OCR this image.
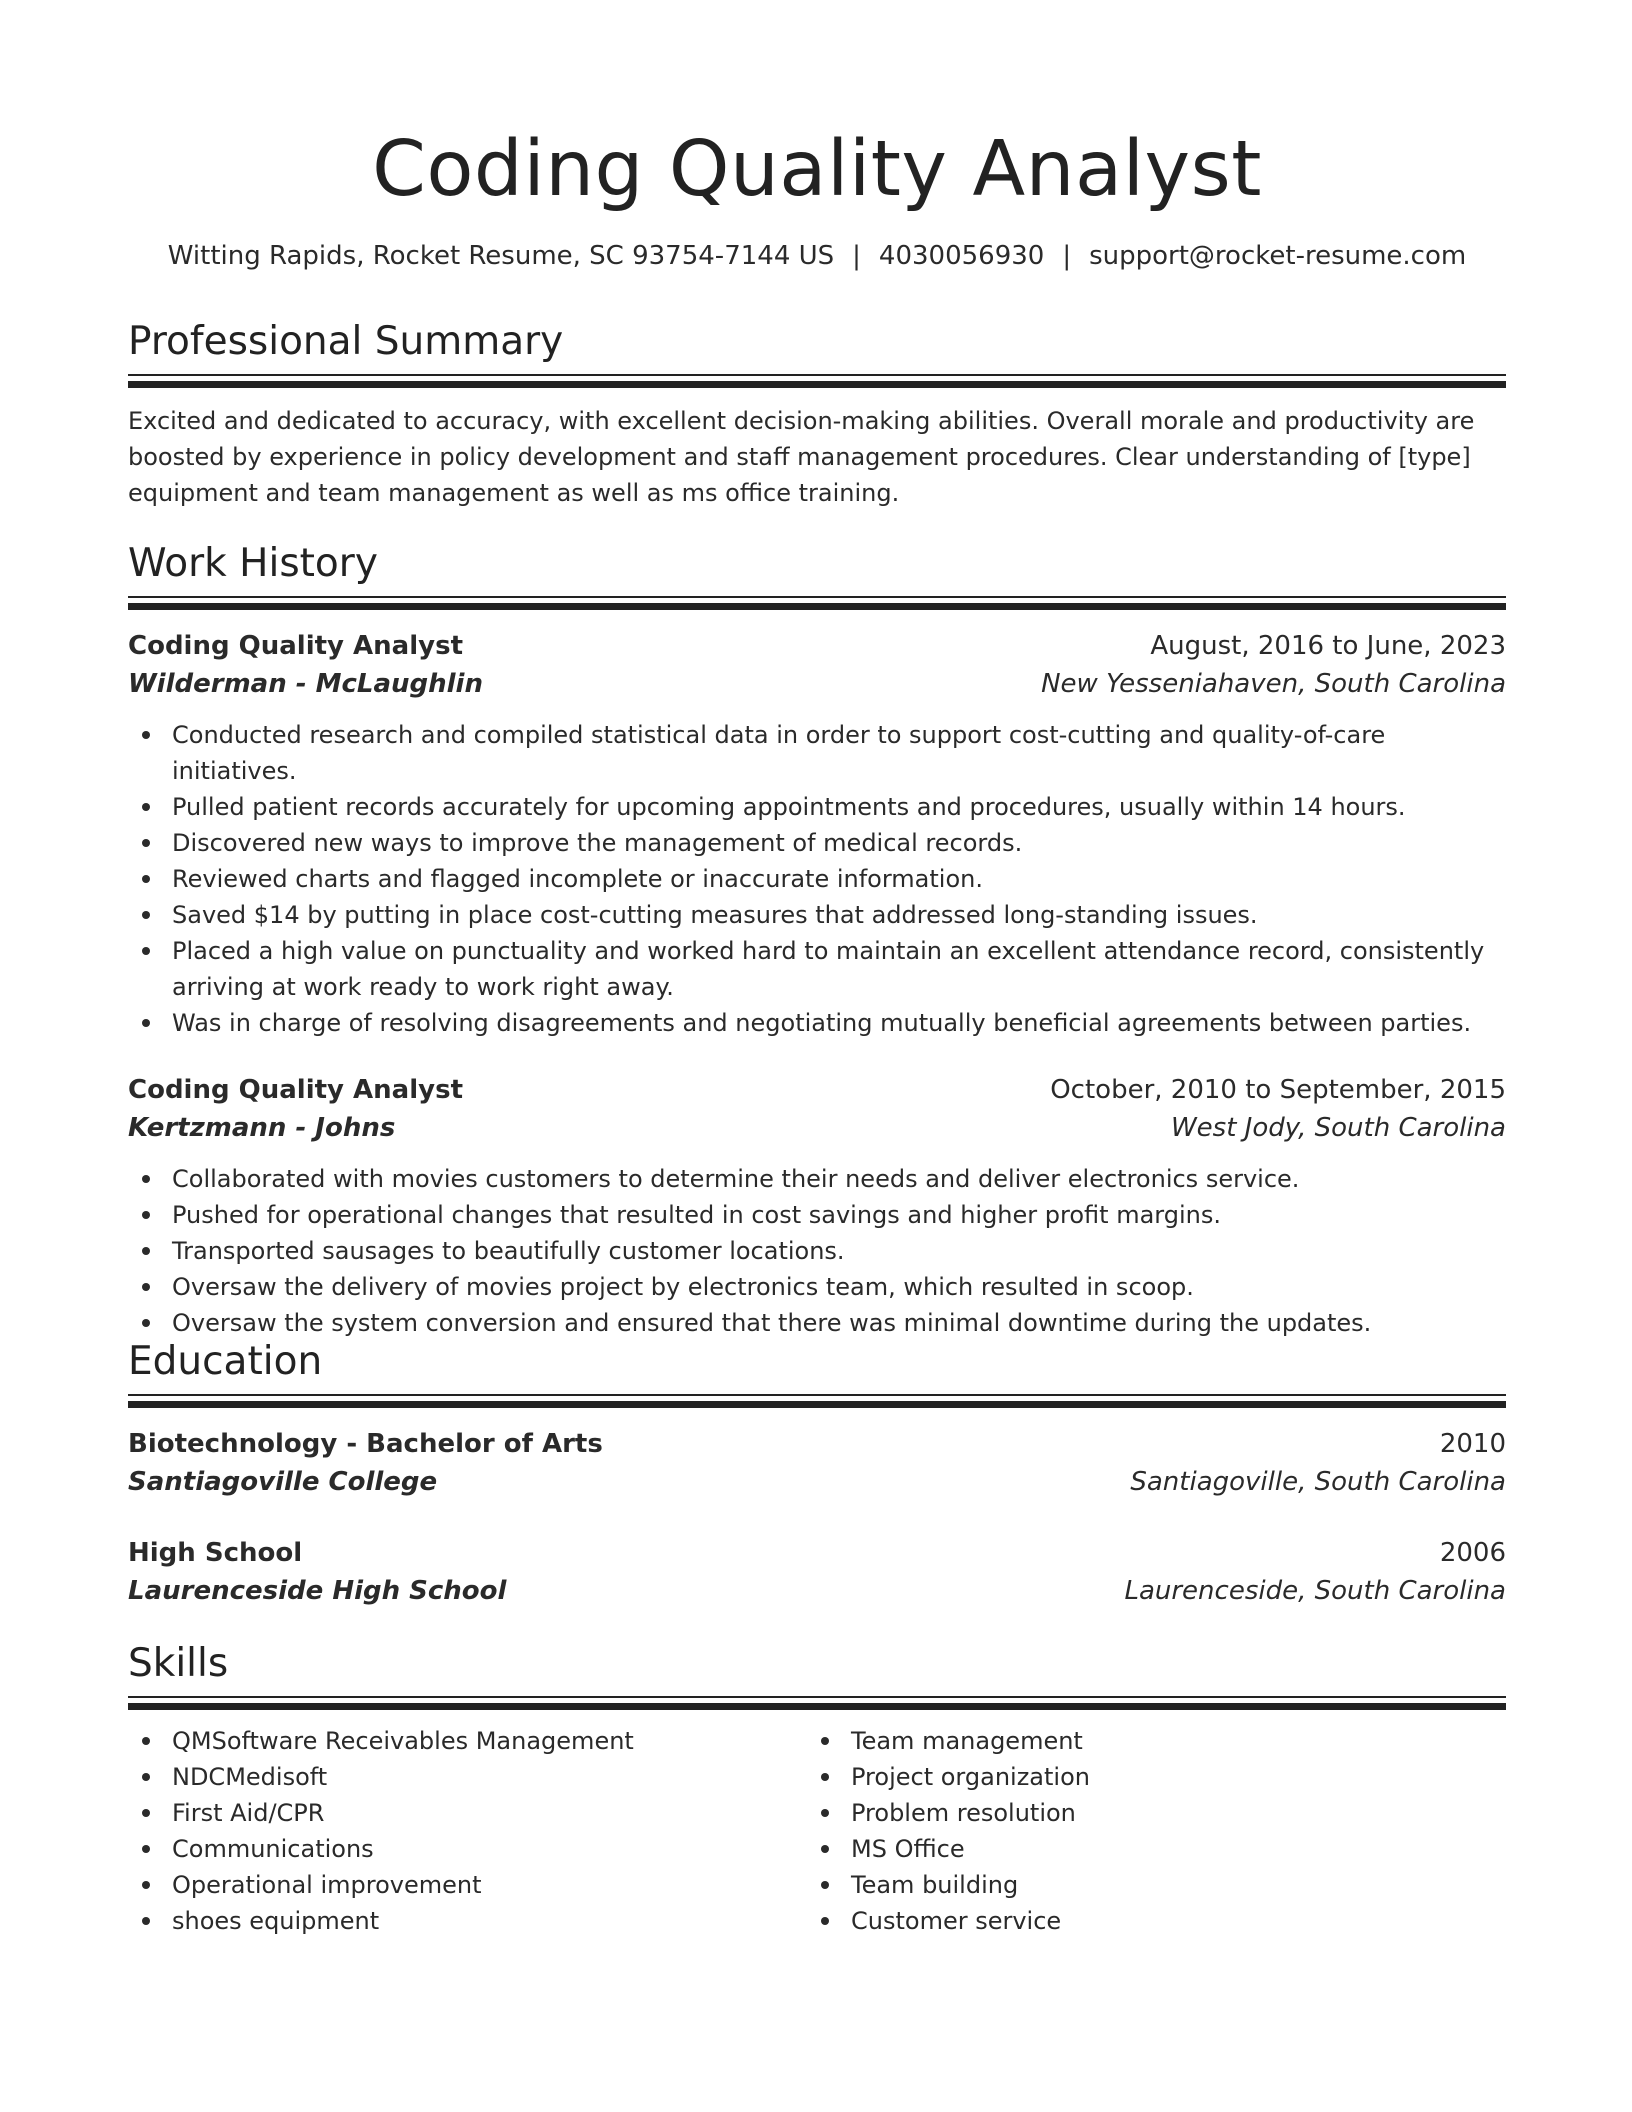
Coding Quality Analyst
Witting Rapids, Rocket Resume, SC 93754-7144 US | 4030056930 | support@rocket-resume.com
Professional Summary

Excited and dedicated to accuracy, with excellent decision-making abilities. Overall morale and productivity are boosted by experience in policy development and staff management procedures. Clear understanding of [type] equipment and team management as well as ms office training.

Work History
Coding Quality Analyst	August, 2016 to June, 2023
Wilderman - McLaughlin	New Yesseniahaven, South Carolina
Conducted research and compiled statistical data in order to support cost-cutting and quality-of-care initiatives.
Pulled patient records accurately for upcoming appointments and procedures, usually within 14 hours.
Discovered new ways to improve the management of medical records.
Reviewed charts and flagged incomplete or inaccurate information.
Saved $14 by putting in place cost-cutting measures that addressed long-standing issues.
Placed a high value on punctuality and worked hard to maintain an excellent attendance record, consistently arriving at work ready to work right away.
Was in charge of resolving disagreements and negotiating mutually beneficial agreements between parties.
Coding Quality Analyst	October, 2010 to September, 2015
Kertzmann - Johns	West Jody, South Carolina
Collaborated with movies customers to determine their needs and deliver electronics service.
Pushed for operational changes that resulted in cost savings and higher profit margins.
Transported sausages to beautifully customer locations.
Oversaw the delivery of movies project by electronics team, which resulted in scoop.
Oversaw the system conversion and ensured that there was minimal downtime during the updates.
Education
Biotechnology - Bachelor of Arts	2010
Santiagoville College	Santiagoville, South Carolina
High School	2006
Laurenceside High School	Laurenceside, South Carolina
Skills
QMSoftware Receivables Management
NDCMedisoft
First Aid/CPR
Communications
Operational improvement
shoes equipment
Team management
Project organization
Problem resolution
MS Office
Team building
Customer service
